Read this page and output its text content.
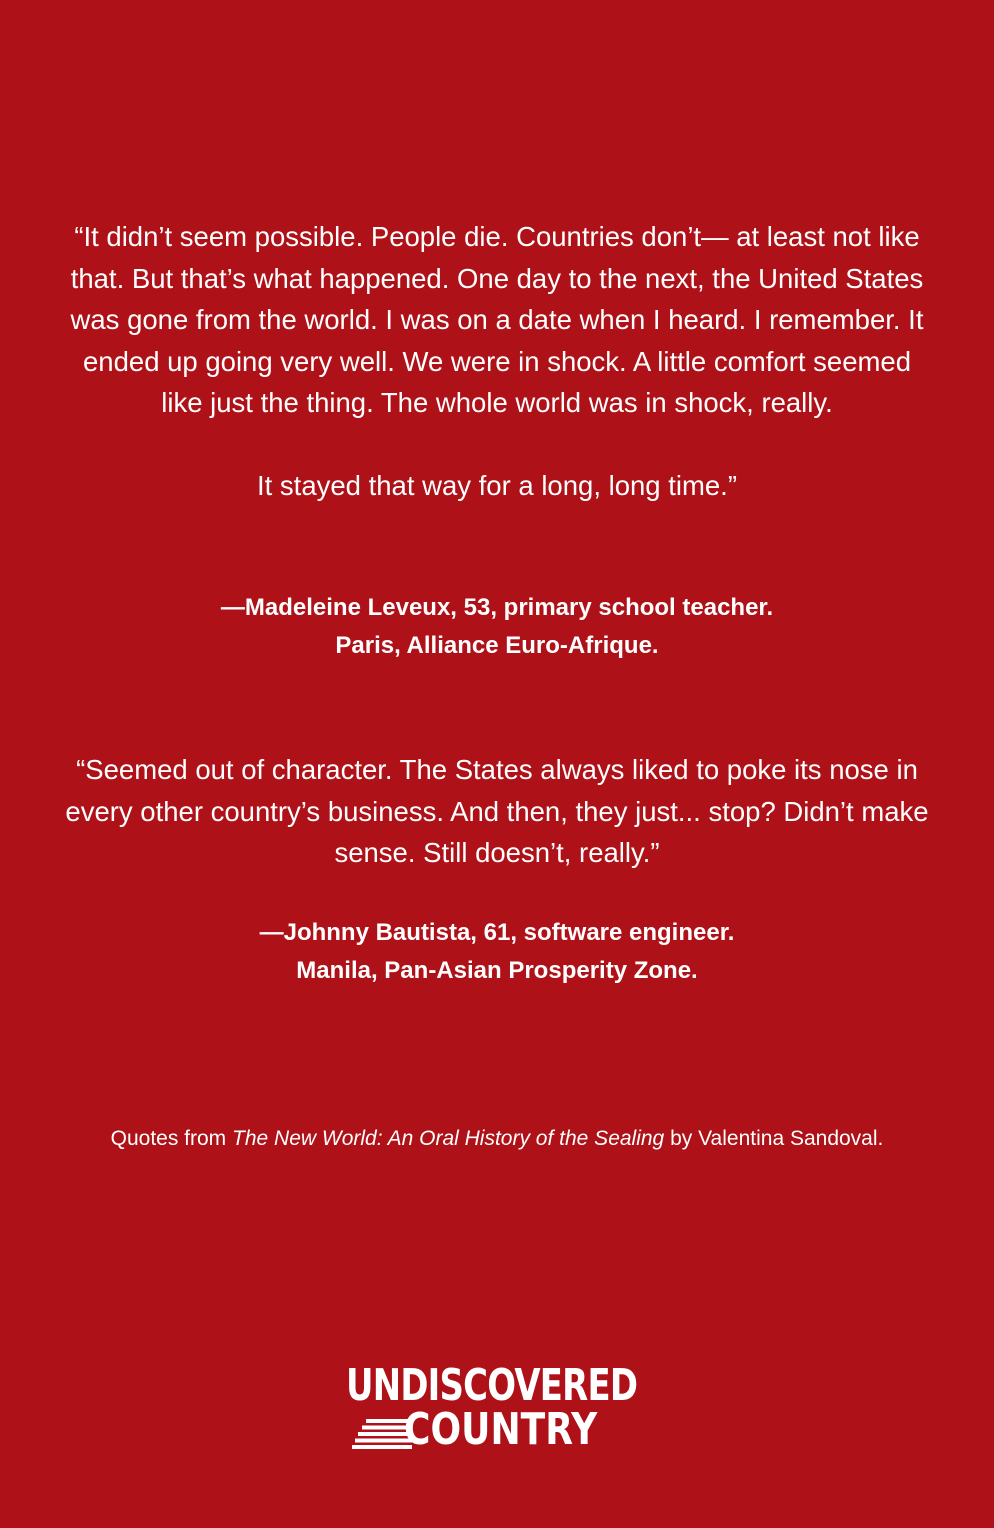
“It didn’t seem possible. People die. Countries don’t— at least not like that. But that’s what happened. One day to the next, the United States was gone from the world. I was on a date when I heard. I remember. It ended up going very well. We were in shock. A little comfort seemed like just the thing. The whole world was in shock, really.

It stayed that way for a long, long time.”

—Madeleine Leveux, 53, primary school teacher.
Paris, Alliance Euro-Afrique.

“Seemed out of character. The States always liked to poke its nose in every other country’s business. And then, they just... stop? Didn’t make sense. Still doesn’t, really.”

—Johnny Bautista, 61, software engineer.
Manila, Pan-Asian Prosperity Zone.
Quotes from The New World: An Oral History of the Sealing by Valentina Sandoval.
UNDISCOVERED
COUNTRY
